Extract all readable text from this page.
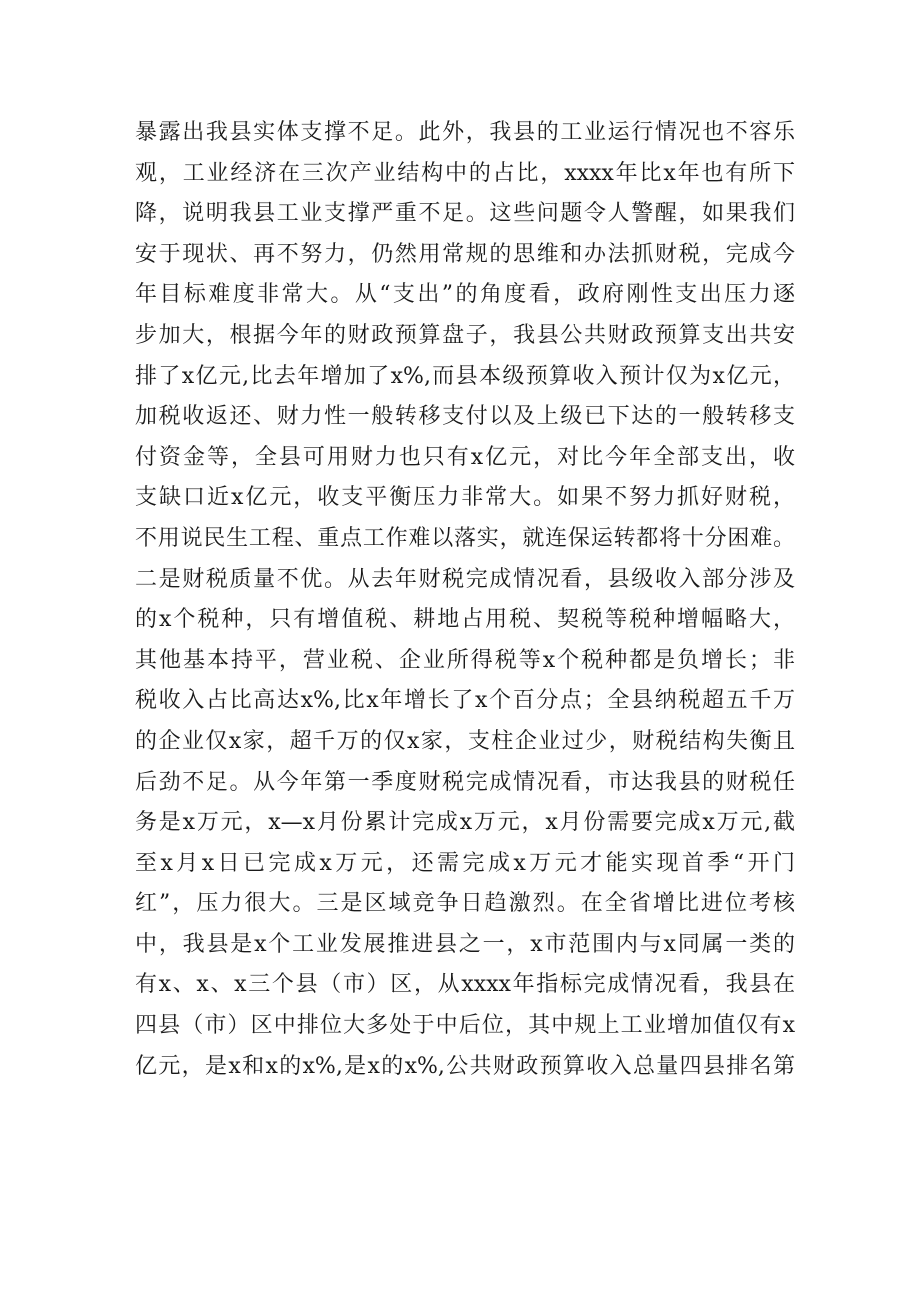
暴露出我县实体支撑不足。此外，我县的工业运行情况也不容乐
观，工业经济在三次产业结构中的占比，xxxx年比x年也有所下
降，说明我县工业支撑严重不足。这些问题令人警醒，如果我们
安于现状、再不努力，仍然用常规的思维和办法抓财税，完成今
年目标难度非常大。从“支出”的角度看，政府刚性支出压力逐
步加大，根据今年的财政预算盘子，我县公共财政预算支出共安
排了x亿元,比去年增加了x%,而县本级预算收入预计仅为x亿元，
加税收返还、财力性一般转移支付以及上级已下达的一般转移支
付资金等，全县可用财力也只有x亿元，对比今年全部支出，收
支缺口近x亿元，收支平衡压力非常大。如果不努力抓好财税，
不用说民生工程、重点工作难以落实，就连保运转都将十分困难。
二是财税质量不优。从去年财税完成情况看，县级收入部分涉及
的x个税种，只有增值税、耕地占用税、契税等税种增幅略大，
其他基本持平，营业税、企业所得税等x个税种都是负增长；非
税收入占比高达x%,比x年增长了x个百分点；全县纳税超五千万
的企业仅x家，超千万的仅x家，支柱企业过少，财税结构失衡且
后劲不足。从今年第一季度财税完成情况看，市达我县的财税任
务是x万元，x—x月份累计完成x万元，x月份需要完成x万元,截
至x月x日已完成x万元，还需完成x万元才能实现首季“开门
红”，压力很大。三是区域竞争日趋激烈。在全省增比进位考核
中，我县是x个工业发展推进县之一，x市范围内与x同属一类的
有x、x、x三个县（市）区，从xxxx年指标完成情况看，我县在
四县（市）区中排位大多处于中后位，其中规上工业增加值仅有x
亿元，是x和x的x%,是x的x%,公共财政预算收入总量四县排名第
